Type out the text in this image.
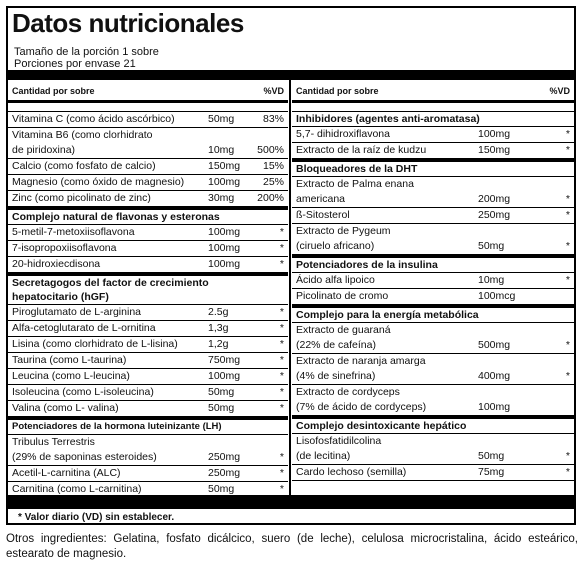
Datos nutricionales
Tamaño de la porción 1 sobre
Porciones por envase 21
Cantidad por sobre	%VD
Vitamina C (como ácido ascórbico)	50mg	83%
Vitamina B6 (como clorhidrato
de piridoxina)	10mg 500%
Calcio (como fosfato de calcio)	150mg	15%
Magnesio (como óxido de magnesio) 100mg	25%
Zinc (como picolinato de zinc)	30mg 200%
Complejo natural de flavonas y esteronas
5-metil-7-metoxiisoflavona	100mg	*
7-isopropoxiisoflavona	100mg	*
20-hidroxiecdisona	100mg	*
Secretagogos del factor de crecimiento
hepatocitario (hGF)
Piroglutamato de L-arginina	2.5g	*
Alfa-cetoglutarato de L-ornitina	1,3g	*
Lisina (como clorhidrato de L-lisina)	1,2g	*
Taurina (como L-taurina)	750mg	*
Leucina (como L-leucina)	100mg	*
Isoleucina (como L-isoleucina)	50mg	*
Valina (como L- valina)	50mg	*
Potenciadores de la hormona luteinizante (LH)
Tribulus Terrestris
(29% de saponinas esteroides)	250mg	*
Acetil-L-carnitina (ALC)	250mg	*
Carnitina (como L-carnitina)	50mg	*
Cantidad por sobre	%VD
Inhibidores (agentes anti-aromatasa)
5,7- dihidroxiflavona	100mg	*
Extracto de la raíz de kudzu	150mg	*
Bloqueadores de la DHT
Extracto de Palma enana
americana	200mg	*
ß-Sitosterol	250mg	*
Extracto de Pygeum
(ciruelo africano)	50mg	*
Potenciadores de la insulina
Ácido alfa lipoico	10mg	*
Picolinato de cromo	100mcg
Complejo para la energía metabólica
Extracto de guaraná
(22% de cafeína)	500mg	*
Extracto de naranja amarga
(4% de sinefrina)	400mg	*
Extracto de cordyceps
(7% de ácido de cordyceps)	100mg
Complejo desintoxicante hepático
Lisofosfatidilcolina
(de lecitina)	50mg	*
Cardo lechoso (semilla)	75mg	*
* Valor diario (VD) sin establecer.
Otros ingredientes: Gelatina, fosfato dicálcico, suero (de leche), celulosa microcristalina, ácido esteárico, estearato de magnesio.
